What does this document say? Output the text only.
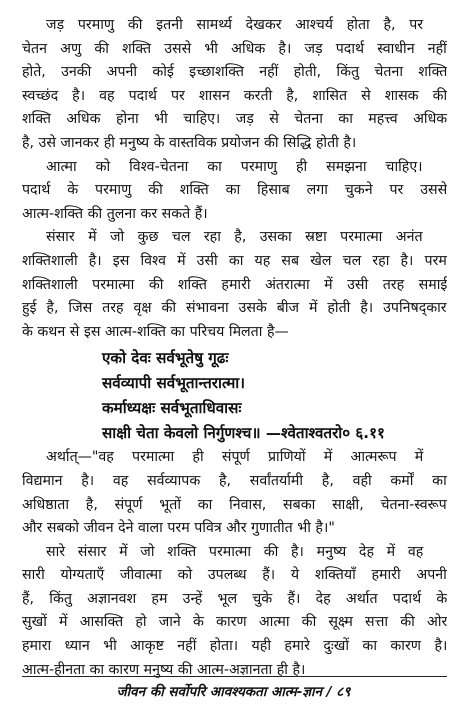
जड़ परमाणु की इतनी सामर्थ्य देखकर आश्चर्य होता है, पर
चेतन अणु की शक्ति उससे भी अधिक है। जड़ पदार्थ स्वाधीन नहीं
होते, उनकी अपनी कोई इच्छाशक्ति नहीं होती, किंतु चेतना शक्ति
स्वच्छंद है। वह पदार्थ पर शासन करती है, शासित से शासक की
शक्ति अधिक होना भी चाहिए। जड़ से चेतना का महत्त्व अधिक
है, उसे जानकर ही मनुष्य के वास्तविक प्रयोजन की सिद्धि होती है।

आत्मा को विश्व-चेतना का परमाणु ही समझना चाहिए।
पदार्थ के परमाणु की शक्ति का हिसाब लगा चुकने पर उससे
आत्म-शक्ति की तुलना कर सकते हैं।

संसार में जो कुछ चल रहा है, उसका स्रष्टा परमात्मा अनंत
शक्तिशाली है। इस विश्व में उसी का यह सब खेल चल रहा है। परम
शक्तिशाली परमात्मा की शक्ति हमारी अंतरात्मा में उसी तरह समाई
हुई है, जिस तरह वृक्ष की संभावना उसके बीज में होती है। उपनिषद्कार
के कथन से इस आत्म-शक्ति का परिचय मिलता है—

एको देवः सर्वभूतेषु गूढः
सर्वव्यापी सर्वभूतान्तरात्मा।
कर्माध्यक्षः सर्वभूताधिवासः
साक्षी चेता केवलो निर्गुणश्च॥ —श्वेताश्वतरो० ६.११

अर्थात्—"वह परमात्मा ही संपूर्ण प्राणियों में आत्मरूप में
विद्यमान है। वह सर्वव्यापक है, सर्वांतर्यामी है, वही कर्मों का
अधिष्ठाता है, संपूर्ण भूतों का निवास, सबका साक्षी, चेतना-स्वरूप
और सबको जीवन देने वाला परम पवित्र और गुणातीत भी है।"

सारे संसार में जो शक्ति परमात्मा की है। मनुष्य देह में वह
सारी योग्यताएँ जीवात्मा को उपलब्ध हैं। ये शक्तियाँ हमारी अपनी
हैं, किंतु अज्ञानवश हम उन्हें भूल चुके हैं। देह अर्थात पदार्थ के
सुखों में आसक्ति हो जाने के कारण आत्मा की सूक्ष्म सत्ता की ओर
हमारा ध्यान भी आकृष्ट नहीं होता। यही हमारे दुःखों का कारण है।
आत्म-हीनता का कारण मनुष्य की आत्म-अज्ञानता ही है।

जीवन की सर्वोपरि आवश्यकता आत्म-ज्ञान / ८९
